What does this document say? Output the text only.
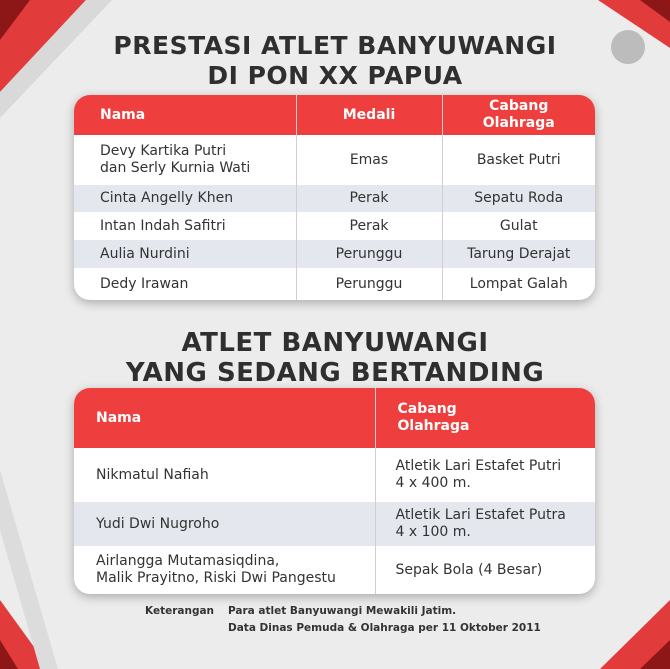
PRESTASI ATLET BANYUWANGI
DI PON XX PAPUA
Nama	Medali	Cabang
Olahraga
Devy Kartika Putri
dan Serly Kurnia Wati	Emas	Basket Putri
Cinta Angelly Khen	Perak	Sepatu Roda
Intan Indah Safitri	Perak	Gulat
Aulia Nurdini	Perunggu	Tarung Derajat
Dedy Irawan	Perunggu	Lompat Galah
ATLET BANYUWANGI
YANG SEDANG BERTANDING
Nama	Cabang
Olahraga
Nikmatul Nafiah	Atletik Lari Estafet Putri
4 x 400 m.
Yudi Dwi Nugroho	Atletik Lari Estafet Putra
4 x 100 m.
Airlangga Mutamasiqdina,
Malik Prayitno, Riski Dwi Pangestu	Sepak Bola (4 Besar)
Keterangan Para atlet Banyuwangi Mewakili Jatim.
Data Dinas Pemuda & Olahraga per 11 Oktober 2011
